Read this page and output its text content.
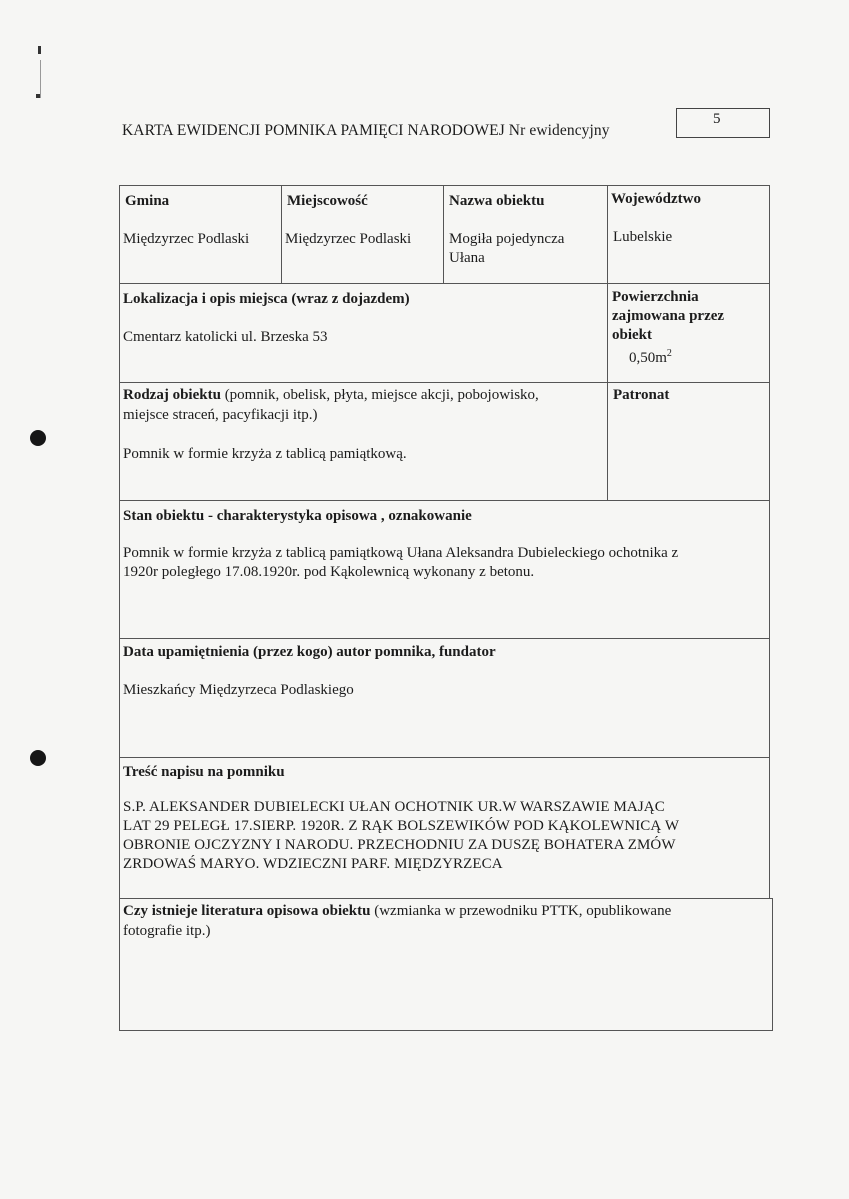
KARTA EWIDENCJI POMNIKA PAMIĘCI NARODOWEJ Nr ewidencyjny
5
Gmina
Międzyrzec Podlaski
Miejscowość
Międzyrzec Podlaski
Nazwa obiektu
Mogiła pojedyncza
Ułana
Województwo
Lubelskie
Lokalizacja i opis miejsca (wraz z dojazdem)
Cmentarz katolicki ul. Brzeska 53
Powierzchnia
zajmowana przez
obiekt
$0,50m^2$
Rodzaj obiektu (pomnik, obelisk, płyta, miejsce akcji, pobojowisko,
miejsce straceń, pacyfikacji itp.)
Pomnik w formie krzyża z tablicą pamiątkową.
Patronat
Stan obiektu - charakterystyka opisowa , oznakowanie
Pomnik w formie krzyża z tablicą pamiątkową Ułana Aleksandra Dubieleckiego ochotnika z
1920r poległego 17.08.1920r. pod Kąkolewnicą wykonany z betonu.
Data upamiętnienia (przez kogo) autor pomnika, fundator
Mieszkańcy Międzyrzeca Podlaskiego
Treść napisu na pomniku
S.P. ALEKSANDER DUBIELECKI UŁAN OCHOTNIK UR.W WARSZAWIE MAJĄC
LAT 29 PELEGŁ 17.SIERP. 1920R. Z RĄK BOLSZEWIKÓW POD KĄKOLEWNICĄ W
OBRONIE OJCZYZNY I NARODU. PRZECHODNIU ZA DUSZĘ BOHATERA ZMÓW
ZRDOWAŚ MARYO. WDZIECZNI PARF. MIĘDZYRZECA
Czy istnieje literatura opisowa obiektu (wzmianka w przewodniku PTTK, opublikowane
fotografie itp.)
